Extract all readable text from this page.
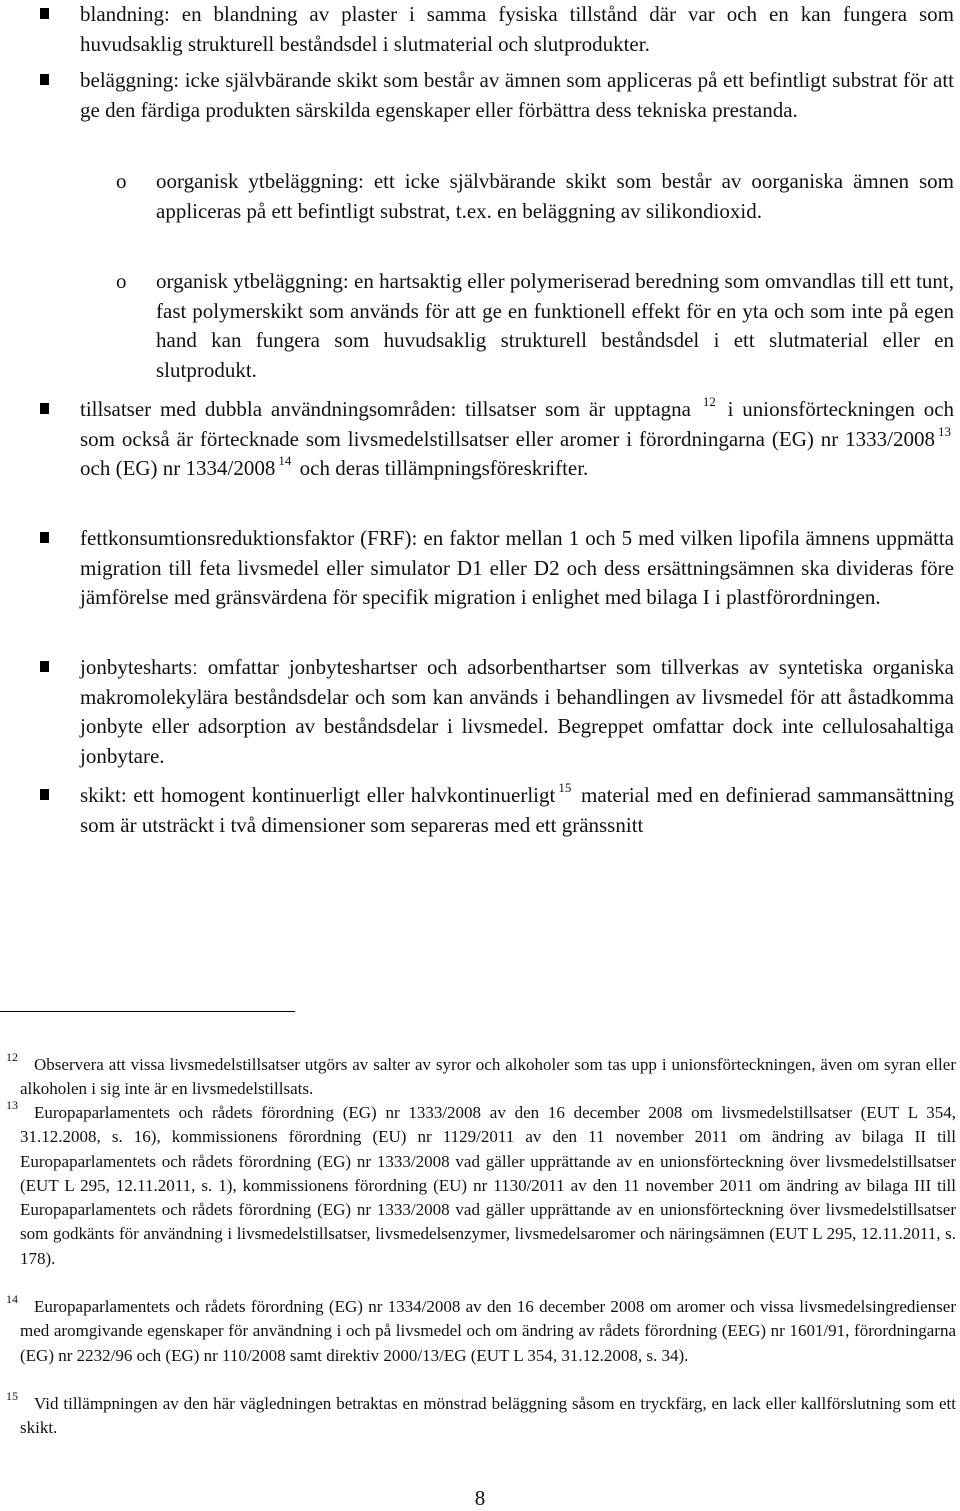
blandning: en blandning av plaster i samma fysiska tillstånd där var och en kan fungera som huvudsaklig strukturell beståndsdel i slutmaterial och slutprodukter.
beläggning: icke självbärande skikt som består av ämnen som appliceras på ett befintligt substrat för att ge den färdiga produkten särskilda egenskaper eller förbättra dess tekniska prestanda.
o oorganisk ytbeläggning: ett icke självbärande skikt som består av oorganiska ämnen som appliceras på ett befintligt substrat, t.ex. en beläggning av silikondioxid.
o organisk ytbeläggning: en hartsaktig eller polymeriserad beredning som omvandlas till ett tunt, fast polymerskikt som används för att ge en funktionell effekt för en yta och som inte på egen hand kan fungera som huvudsaklig strukturell beståndsdel i ett slutmaterial eller en slutprodukt.
tillsatser med dubbla användningsområden: tillsatser som är upptagna $^{12}$ i unionsförteckningen och som också är förtecknade som livsmedelstillsatser eller aromer i förordningarna (EG) nr 1333/2008 $^{13}$ och (EG) nr 1334/2008 $^{14}$ och deras tillämpningsföreskrifter.
fettkonsumtionsreduktionsfaktor (FRF): en faktor mellan 1 och 5 med vilken lipofila ämnens uppmätta migration till feta livsmedel eller simulator D1 eller D2 och dess ersättningsämnen ska divideras före jämförelse med gränsvärdena för specifik migration i enlighet med bilaga I i plastförordningen.
jonbyteshartsː omfattar jonbyteshartser och adsorbenthartser som tillverkas av syntetiska organiska makromolekylära beståndsdelar och som kan används i behandlingen av livsmedel för att åstadkomma jonbyte eller adsorption av beståndsdelar i livsmedel. Begreppet omfattar dock inte cellulosahaltiga jonbytare.
skikt: ett homogent kontinuerligt eller halvkontinuerligt $^{15}$ material med en definierad sammansättning som är utsträckt i två dimensioner som separeras med ett gränssnitt
12 Observera att vissa livsmedelstillsatser utgörs av salter av syror och alkoholer som tas upp i unionsförteckningen, även om syran eller alkoholen i sig inte är en livsmedelstillsats.
13 Europaparlamentets och rådets förordning (EG) nr 1333/2008 av den 16 december 2008 om livsmedelstillsatser (EUT L 354, 31.12.2008, s. 16), kommissionens förordning (EU) nr 1129/2011 av den 11 november 2011 om ändring av bilaga II till Europaparlamentets och rådets förordning (EG) nr 1333/2008 vad gäller upprättande av en unionsförteckning över livsmedelstillsatser (EUT L 295, 12.11.2011, s. 1), kommissionens förordning (EU) nr 1130/2011 av den 11 november 2011 om ändring av bilaga III till Europaparlamentets och rådets förordning (EG) nr 1333/2008 vad gäller upprättande av en unionsförteckning över livsmedelstillsatser som godkänts för användning i livsmedelstillsatser, livsmedelsenzymer, livsmedelsaromer och näringsämnen (EUT L 295, 12.11.2011, s. 178).
14 Europaparlamentets och rådets förordning (EG) nr 1334/2008 av den 16 december 2008 om aromer och vissa livsmedelsingredienser med aromgivande egenskaper för användning i och på livsmedel och om ändring av rådets förordning (EEG) nr 1601/91, förordningarna (EG) nr 2232/96 och (EG) nr 110/2008 samt direktiv 2000/13/EG (EUT L 354, 31.12.2008, s. 34).
15 Vid tillämpningen av den här vägledningen betraktas en mönstrad beläggning såsom en tryckfärg, en lack eller kallförslutning som ett skikt.
8
